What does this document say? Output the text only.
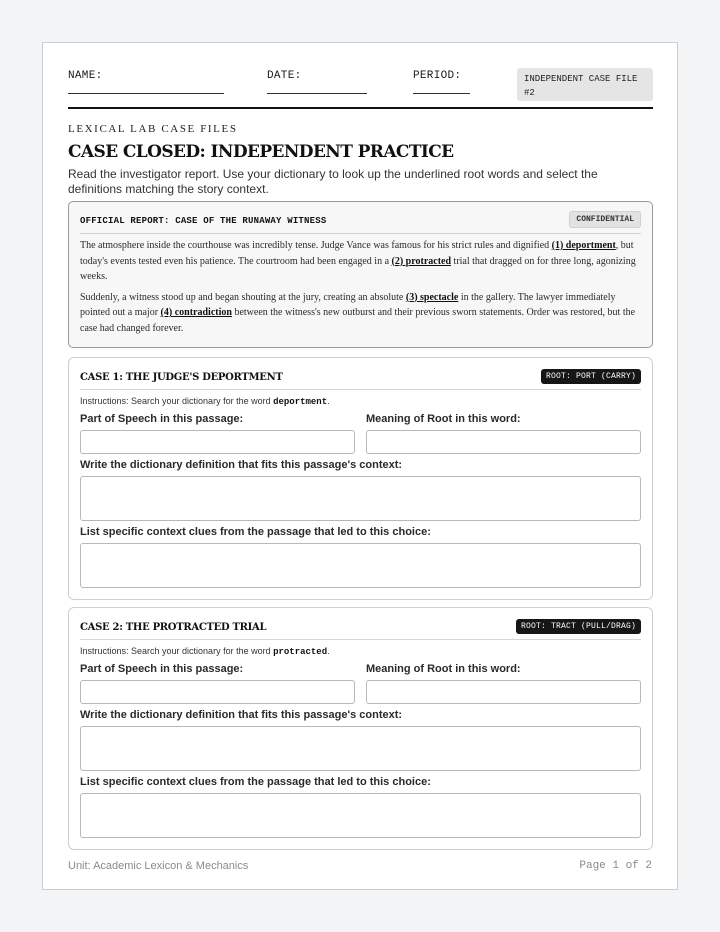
NAME:	DATE:	PERIOD:	INDEPENDENT CASE FILE #2
LEXICAL LAB CASE FILES
CASE CLOSED: INDEPENDENT PRACTICE
Read the investigator report. Use your dictionary to look up the underlined root words and select the definitions matching the story context.
OFFICIAL REPORT: CASE OF THE RUNAWAY WITNESS	CONFIDENTIAL

The atmosphere inside the courthouse was incredibly tense. Judge Vance was famous for his strict rules and dignified (1) deportment, but today's events tested even his patience. The courtroom had been engaged in a (2) protracted trial that dragged on for three long, agonizing weeks.

Suddenly, a witness stood up and began shouting at the jury, creating an absolute (3) spectacle in the gallery. The lawyer immediately pointed out a major (4) contradiction between the witness's new outburst and their previous sworn statements. Order was restored, but the case had changed forever.

CASE 1: THE JUDGE'S DEPORTMENT	ROOT: PORT (CARRY)
Instructions: Search your dictionary for the word deportment.
Part of Speech in this passage:	Meaning of Root in this word:
Write the dictionary definition that fits this passage's context:
List specific context clues from the passage that led to this choice:
CASE 2: THE PROTRACTED TRIAL	ROOT: TRACT (PULL/DRAG)
Instructions: Search your dictionary for the word protracted.
Part of Speech in this passage:	Meaning of Root in this word:
Write the dictionary definition that fits this passage's context:
List specific context clues from the passage that led to this choice:
Unit: Academic Lexicon & Mechanics	Page 1 of 2
